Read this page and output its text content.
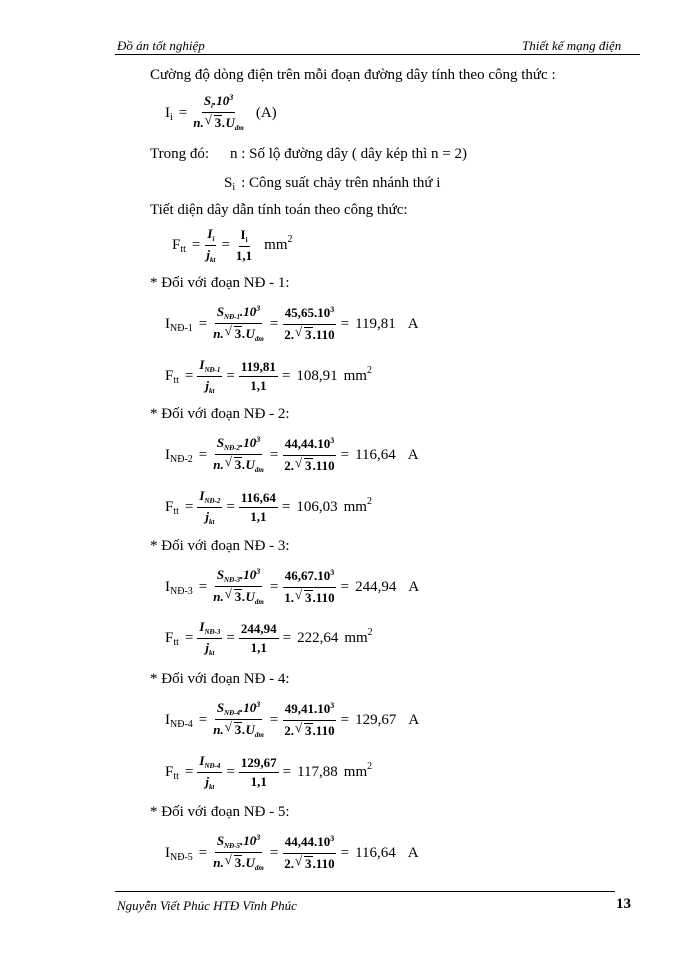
Đồ án tốt nghiệp	Thiết kế mạng điện
Cường độ dòng điện trên mỗi đoạn đường dây tính theo công thức :
I $i = \frac{S_i.10^3}{n. √ 3.U_{dm}} (A)$
Trong đó: n : Số lộ đường dây ( dây kép thì n = 2)
S i : Công suất chảy trên nhánh thứ i
Tiết diện dây dẫn tính toán theo công thức:
F tt = $\frac{I_i}{j_{kt}} = \frac{I_i}{1,1}$ mm 2
* Đối với đoạn NĐ - 1:
I NĐ-1 = $\frac{S_{NĐ-1}.10^3}{n. √ 3.U_{dm}} = \frac{45,65.10^3}{2. √ 3.110} = 119,81$ A
F tt = $\frac{I_{NĐ-1}}{j_{kt}} = \frac{119,81}{1,1} = 108,91$ mm 2
* Đối với đoạn NĐ - 2:
I NĐ-2 = $\frac{S_{NĐ-2}.10^3}{n. √ 3.U_{dm}} = \frac{44,44.10^3}{2. √ 3.110} = 116,64$ A
F tt = $\frac{I_{NĐ-2}}{j_{kt}} = \frac{116,64}{1,1} = 106,03$ mm 2
* Đối với đoạn NĐ - 3:
I NĐ-3 = $\frac{S_{NĐ-3}.10^3}{n. √ 3.U_{dm}} = \frac{46,67.10^3}{1. √ 3.110} = 244,94$ A
F tt = $\frac{I_{NĐ-3}}{j_{kt}} = \frac{244,94}{1,1} = 222,64$ mm 2
* Đối với đoạn NĐ - 4:
I NĐ-4 = $\frac{S_{NĐ-4}.10^3}{n. √ 3.U_{dm}} = \frac{49,41.10^3}{2. √ 3.110} = 129,67$ A
F tt = $\frac{I_{NĐ-4}}{j_{kt}} = \frac{129,67}{1,1} = 117,88$ mm 2
* Đối với đoạn NĐ - 5:
I NĐ-5 = $\frac{S_{NĐ-5}.10^3}{n. √ 3.U_{dm}} = \frac{44,44.10^3}{2. √ 3.110} = 116,64$ A
Nguyễn Viết Phúc HTĐ Vĩnh Phúc	13
